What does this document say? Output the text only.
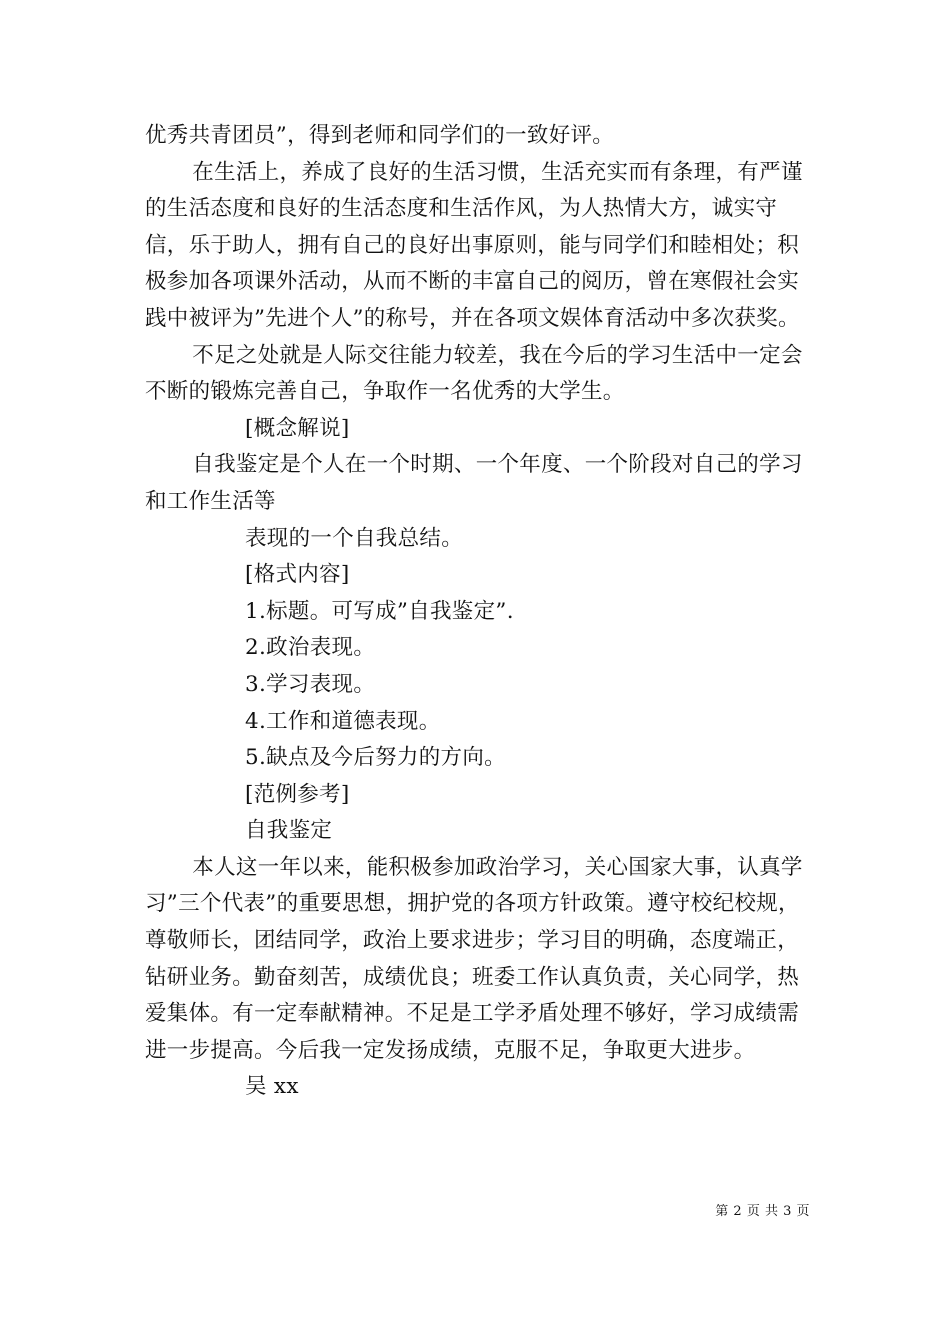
优秀共青团员”，得到老师和同学们的一致好评。

在生活上，养成了良好的生活习惯，生活充实而有条理，有严谨的生活态度和良好的生活态度和生活作风，为人热情大方，诚实守信，乐于助人，拥有自己的良好出事原则，能与同学们和睦相处；积极参加各项课外活动，从而不断的丰富自己的阅历，曾在寒假社会实践中被评为”先进个人”的称号，并在各项文娱体育活动中多次获奖。

不足之处就是人际交往能力较差，我在今后的学习生活中一定会不断的锻炼完善自己，争取作一名优秀的大学生。

[概念解说]

自我鉴定是个人在一个时期、一个年度、一个阶段对自己的学习和工作生活等

表现的一个自我总结。

[格式内容]

1.标题。可写成”自我鉴定”.

2.政治表现。

3.学习表现。

4.工作和道德表现。

5.缺点及今后努力的方向。

[范例参考]

自我鉴定

本人这一年以来，能积极参加政治学习，关心国家大事，认真学习”三个代表”的重要思想，拥护党的各项方针政策。遵守校纪校规，尊敬师长，团结同学，政治上要求进步；学习目的明确，态度端正，钻研业务。勤奋刻苦，成绩优良；班委工作认真负责，关心同学，热爱集体。有一定奉献精神。不足是工学矛盾处理不够好，学习成绩需进一步提高。今后我一定发扬成绩，克服不足，争取更大进步。

吴 xx

第 2 页 共 3 页
